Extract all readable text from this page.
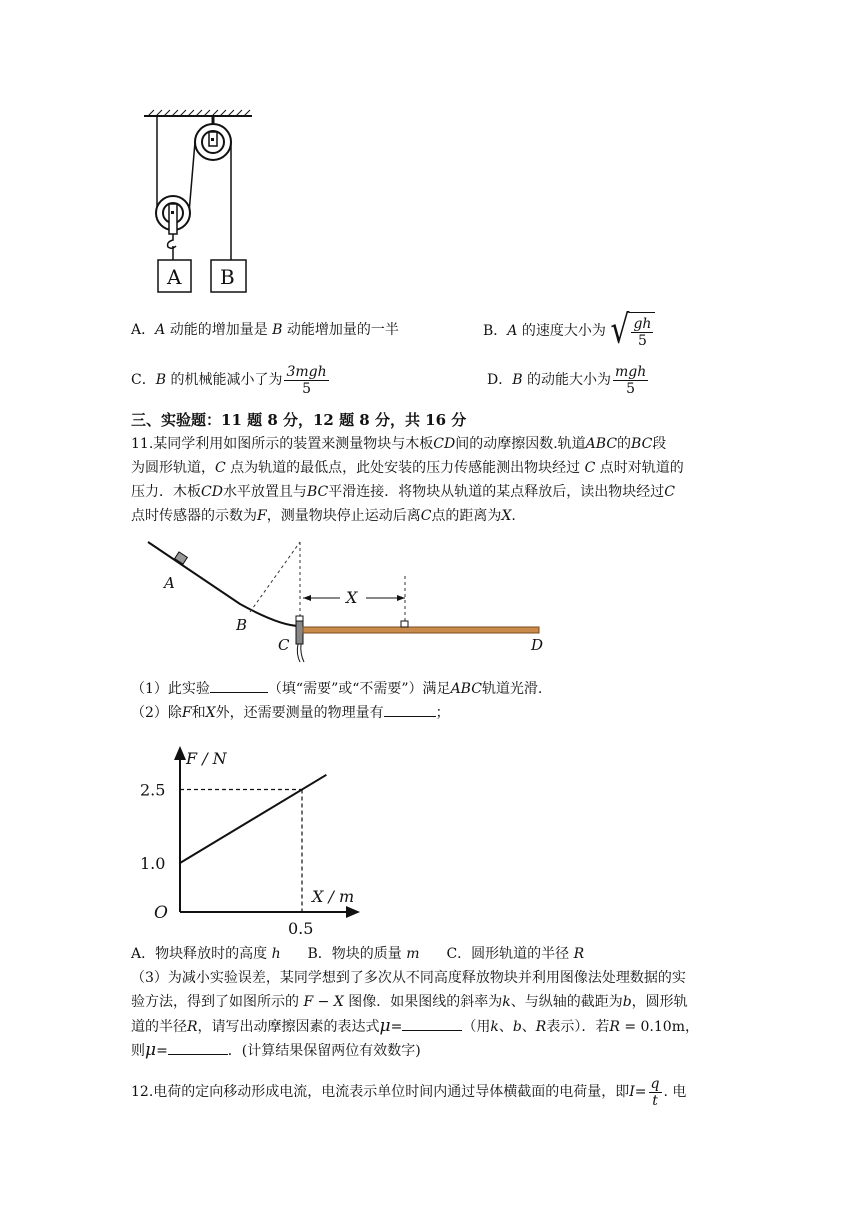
A B
A．A 动能的增加量是 B 动能增加量的一半	B．A 的速度大小为 √ $\frac{gh}{5}$
C．B 的机械能减小了为 $\frac{\text{3mgh}}{5}$	D．B 的动能大小为 $\frac{\text{mgh}}{5}$
三、实验题：11 题 8 分，12 题 8 分，共 16 分
11.某同学利用如图所示的装置来测量物块与木板CD间的动摩擦因数.轨道ABC的BC段
为圆形轨道，C 点为轨道的最低点，此处安装的压力传感能测出物块经过 C 点时对轨道的
压力．木板CD水平放置且与BC平滑连接．将物块从轨道的某点释放后，读出物块经过C
点时传感器的示数为F，测量物块停止运动后离C点的距离为X.
X
A
B
C	D
（1）此实验	（填“需要”或“不需要”）满足ABC轨道光滑.
（2）除F和X外，还需要测量的物理量有	；
F / N
X / m
O
1.0
2.5
0.5
A．物块释放时的高度 h B．物块的质量 m C．圆形轨道的半径 R
（3）为减小实验误差，某同学想到了多次从不同高度释放物块并利用图像法处理数据的实
验方法，得到了如图所示的 F − X 图像．如果图线的斜率为k、与纵轴的截距为b，圆形轨
道的半径R，请写出动摩擦因素的表达式μ=	（用k、b、R表示）．若R = 0.10m，
则μ=	．(计算结果保留两位有效数字)
12.电荷的定向移动形成电流，电流表示单位时间内通过导体横截面的电荷量，即$I= \frac{q}{t}$ . 电
